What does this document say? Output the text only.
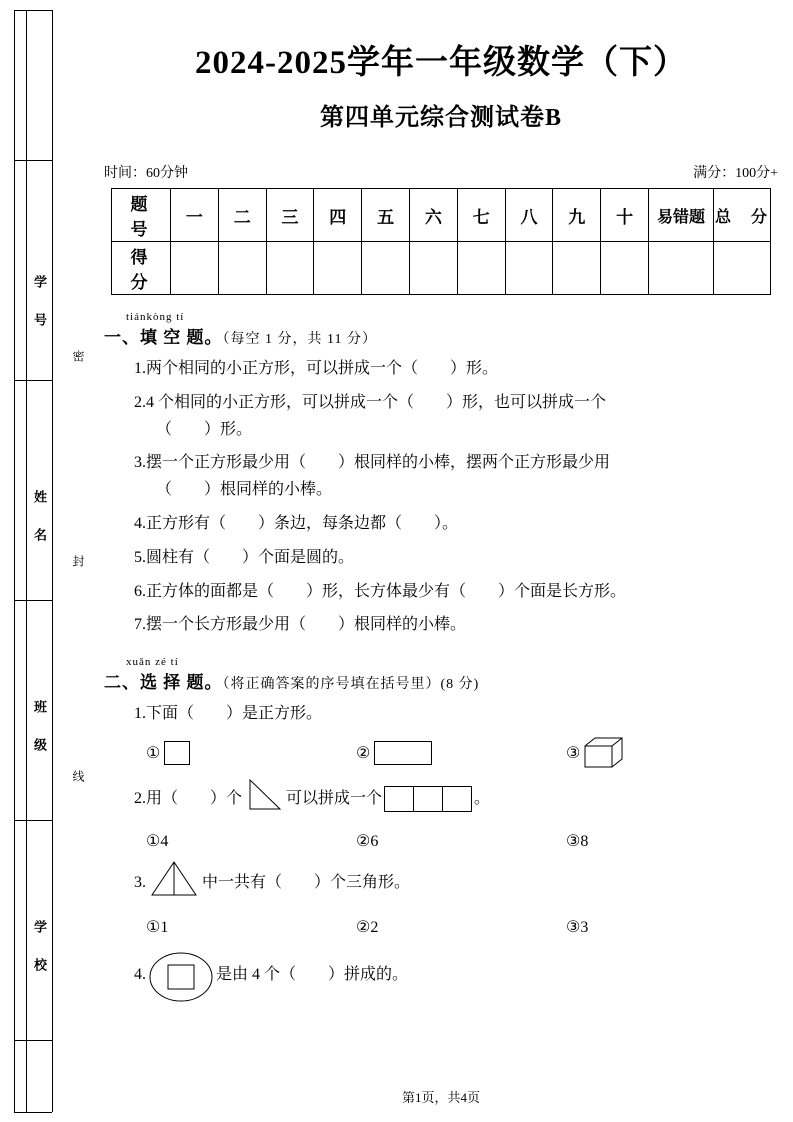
学　号
姓　名
班　级
学　校
密
封
线
2024-2025学年一年级数学（下）
第四单元综合测试卷B
时间：60分钟	满分：100分+
题　号	一	二	三	四	五	六	七	八	九	十	易错题	总　分
得　分												
tiánkòng tí
一、填 空 题。（每空 1 分，共 11 分）
1.两个相同的小正方形，可以拼成一个（　　）形。
2.4 个相同的小正方形，可以拼成一个（　　）形，也可以拼成一个
（　　）形。
3.摆一个正方形最少用（　　）根同样的小棒，摆两个正方形最少用
（　　）根同样的小棒。
4.正方形有（　　）条边，每条边都（　　）。
5.圆柱有（　　）个面是圆的。
6.正方体的面都是（　　）形，长方体最少有（　　）个面是长方形。
7.摆一个长方形最少用（　　）根同样的小棒。
xuǎn zé tí
二、选 择 题。（将正确答案的序号填在括号里）(8 分)
1.下面（　　）是正方形。
①	②	③
2.用（　　）个	可以拼成一个	。
①4	②6	③8
3.	中一共有（　　）个三角形。
①1	②2	③3
4.	是由 4 个（　　）拼成的。
第1页，共4页
